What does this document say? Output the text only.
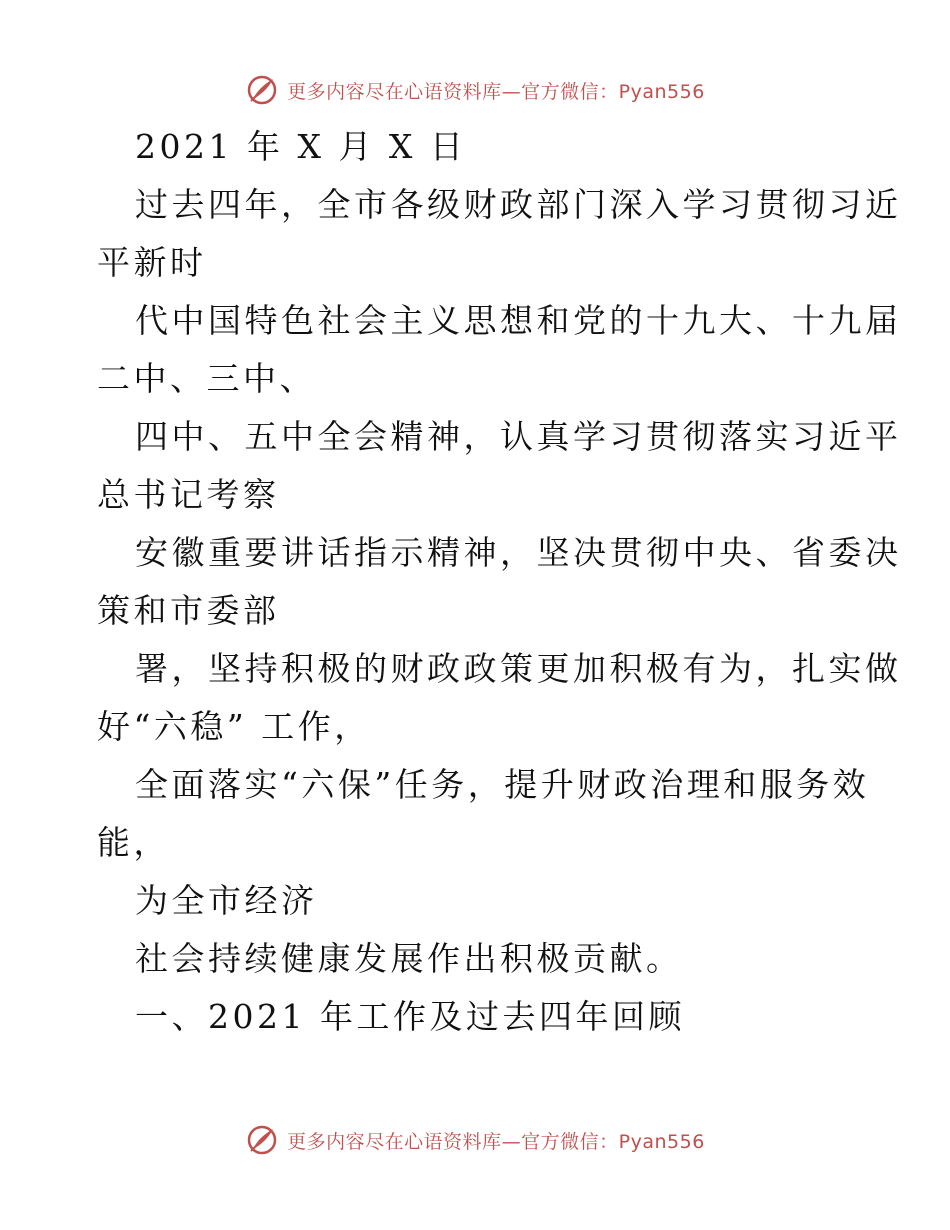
更多内容尽在心语资料库—官方微信：Pyan556
2021 年 X 月 X 日
过去四年，全市各级财政部门深入学习贯彻习近
平新时
代中国特色社会主义思想和党的十九大、十九届
二中、三中、
四中、五中全会精神，认真学习贯彻落实习近平
总书记考察
安徽重要讲话指示精神，坚决贯彻中央、省委决
策和市委部
署，坚持积极的财政政策更加积极有为，扎实做
好“六稳” 工作，
全面落实“六保”任务，提升财政治理和服务效
能，
为全市经济
社会持续健康发展作出积极贡献。
一、2021 年工作及过去四年回顾
更多内容尽在心语资料库—官方微信：Pyan556
